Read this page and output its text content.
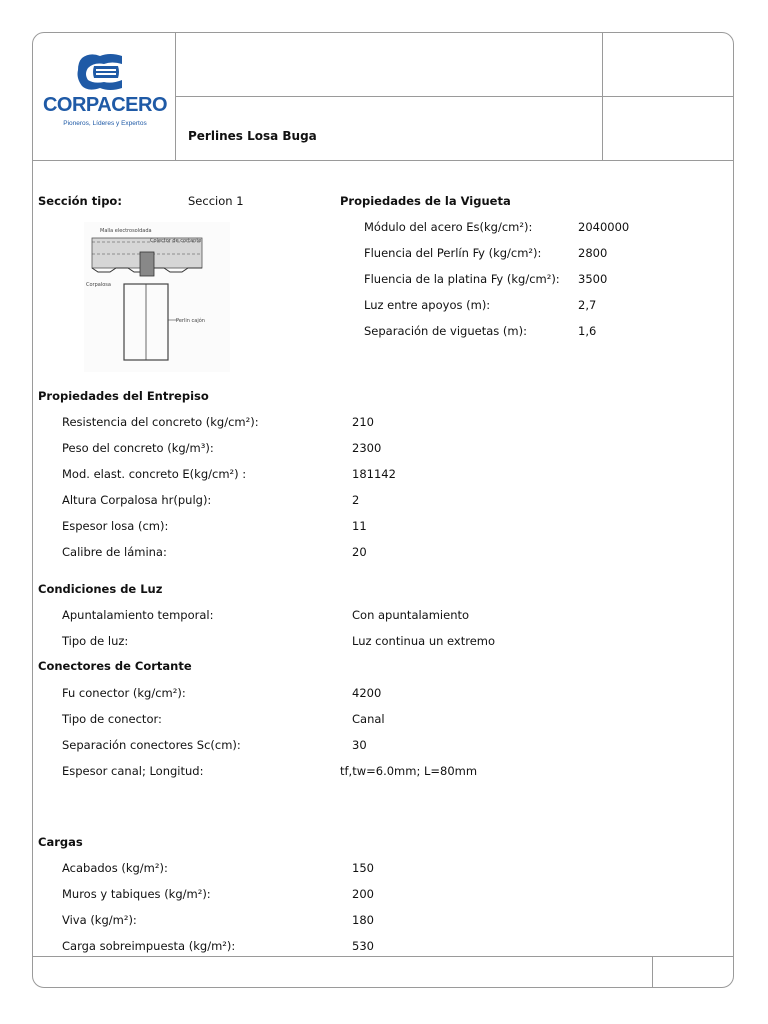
CORPACERO
Pioneros, Líderes y Expertos
Perlines Losa Buga
Sección tipo:	Seccion 1
Malla electrosoldada
Colector de cortante
Corpalosa
Perlin cajón
Propiedades de la Vigueta
Módulo del acero Es(kg/cm²):	2040000
Fluencia del Perlín Fy (kg/cm²):	2800
Fluencia de la platina Fy (kg/cm²): 3500
Luz entre apoyos (m):	2,7
Separación de viguetas (m):	1,6
Propiedades del Entrepiso
Resistencia del concreto (kg/cm²):	210
Peso del concreto (kg/m³):	2300
Mod. elast. concreto E(kg/cm²) :	181142
Altura Corpalosa hr(pulg):	2
Espesor losa (cm):	11
Calibre de lámina:	20
Condiciones de Luz
Apuntalamiento temporal:	Con apuntalamiento
Tipo de luz:	Luz continua un extremo
Conectores de Cortante
Fu conector (kg/cm²):	4200
Tipo de conector:	Canal
Separación conectores Sc(cm):	30
Espesor canal; Longitud:	tf,tw=6.0mm; L=80mm
Cargas
Acabados (kg/m²):	150
Muros y tabiques (kg/m²):	200
Viva (kg/m²):	180
Carga sobreimpuesta (kg/m²):	530
